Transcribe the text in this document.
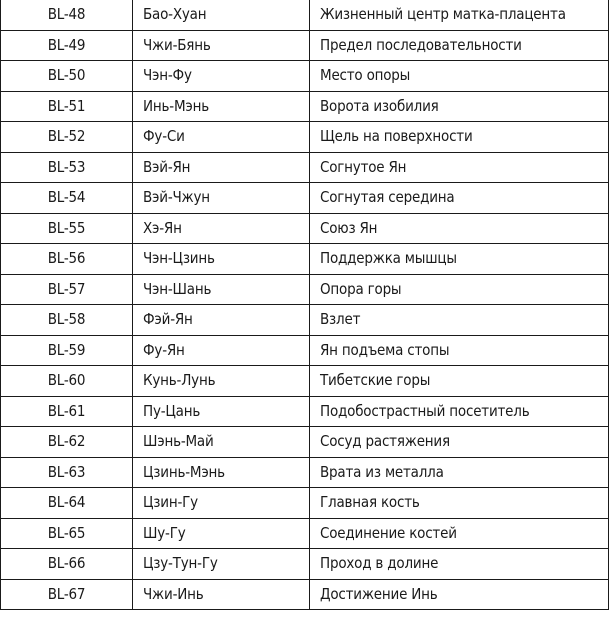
BL-48	Бао-Хуан	Жизненный центр матка-плацента
BL-49	Чжи-Бянь	Предел последовательности
BL-50	Чэн-Фу	Место опоры
BL-51	Инь-Мэнь	Ворота изобилия
BL-52	Фу-Си	Щель на поверхности
BL-53	Вэй-Ян	Согнутое Ян
BL-54	Вэй-Чжун	Согнутая середина
BL-55	Хэ-Ян	Союз Ян
BL-56	Чэн-Цзинь	Поддержка мышцы
BL-57	Чэн-Шань	Опора горы
BL-58	Фэй-Ян	Взлет
BL-59	Фу-Ян	Ян подъема стопы
BL-60	Кунь-Лунь	Тибетские горы
BL-61	Пу-Цань	Подобострастный посетитель
BL-62	Шэнь-Май	Сосуд растяжения
BL-63	Цзинь-Мэнь	Врата из металла
BL-64	Цзин-Гу	Главная кость
BL-65	Шу-Гу	Соединение костей
BL-66	Цзу-Тун-Гу	Проход в долине
BL-67	Чжи-Инь	Достижение Инь
